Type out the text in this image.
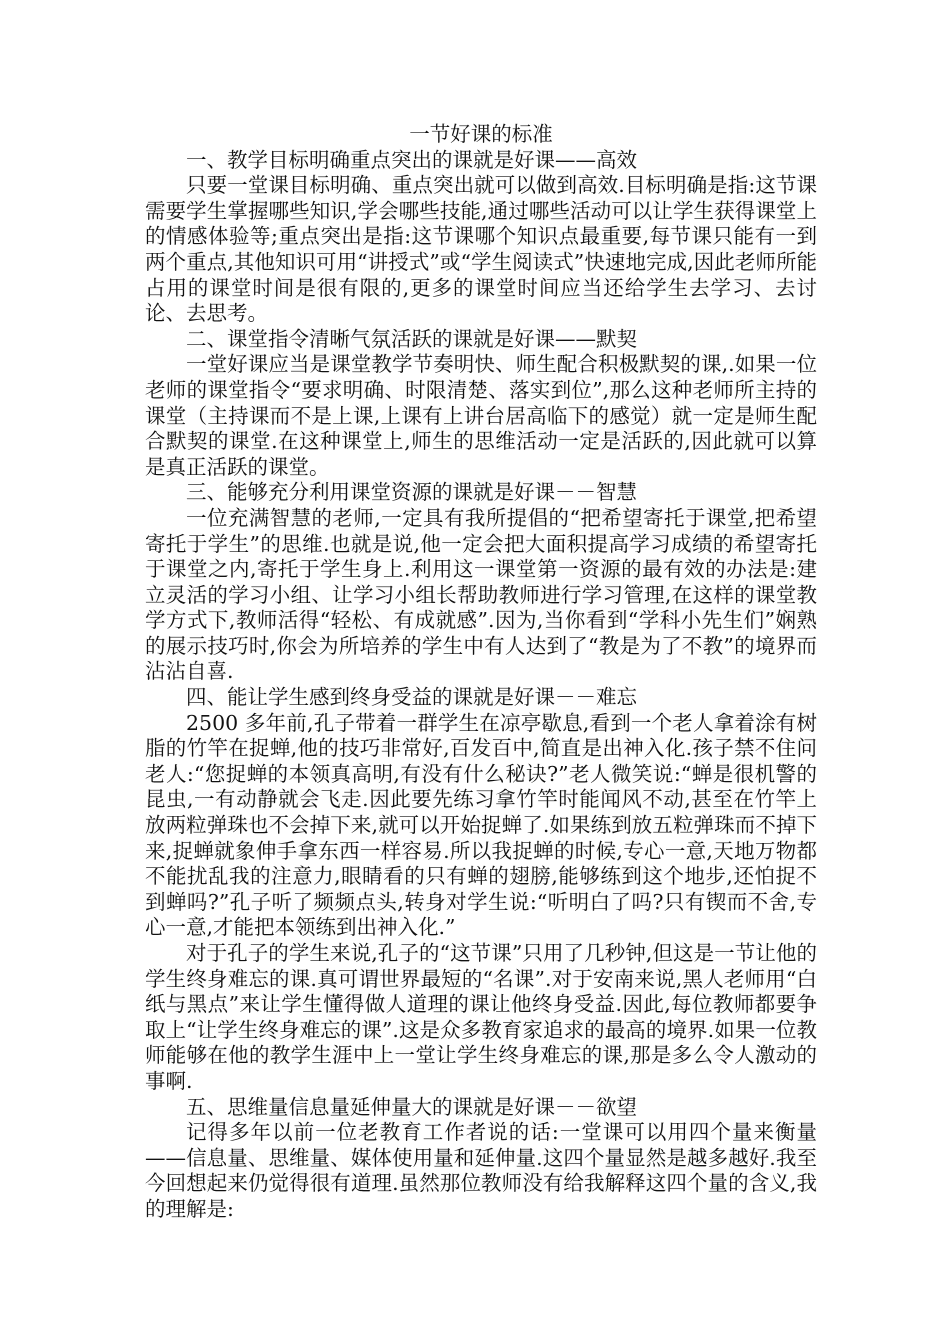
一节好课的标准

一、教学目标明确重点突出的课就是好课——高效

只要一堂课目标明确、重点突出就可以做到高效.目标明确是指:这节课需要学生掌握哪些知识,学会哪些技能,通过哪些活动可以让学生获得课堂上的情感体验等;重点突出是指:这节课哪个知识点最重要,每节课只能有一到两个重点,其他知识可用“讲授式”或“学生阅读式”快速地完成,因此老师所能占用的课堂时间是很有限的,更多的课堂时间应当还给学生去学习、去讨论、去思考。

二、课堂指令清晰气氛活跃的课就是好课——默契

一堂好课应当是课堂教学节奏明快、师生配合积极默契的课,.如果一位老师的课堂指令“要求明确、时限清楚、落实到位”,那么这种老师所主持的课堂（主持课而不是上课,上课有上讲台居高临下的感觉）就一定是师生配合默契的课堂.在这种课堂上,师生的思维活动一定是活跃的,因此就可以算是真正活跃的课堂。

三、能够充分利用课堂资源的课就是好课－－智慧

一位充满智慧的老师,一定具有我所提倡的“把希望寄托于课堂,把希望寄托于学生”的思维.也就是说,他一定会把大面积提高学习成绩的希望寄托于课堂之内,寄托于学生身上.利用这一课堂第一资源的最有效的办法是:建立灵活的学习小组、让学习小组长帮助教师进行学习管理,在这样的课堂教学方式下,教师活得“轻松、有成就感”.因为,当你看到“学科小先生们”娴熟的展示技巧时,你会为所培养的学生中有人达到了“教是为了不教”的境界而沾沾自喜.

四、能让学生感到终身受益的课就是好课－－难忘

2500 多年前,孔子带着一群学生在凉亭歇息,看到一个老人拿着涂有树脂的竹竿在捉蝉,他的技巧非常好,百发百中,简直是出神入化.孩子禁不住问老人:“您捉蝉的本领真高明,有没有什么秘诀?”老人微笑说:“蝉是很机警的昆虫,一有动静就会飞走.因此要先练习拿竹竿时能闻风不动,甚至在竹竿上放两粒弹珠也不会掉下来,就可以开始捉蝉了.如果练到放五粒弹珠而不掉下来,捉蝉就象伸手拿东西一样容易.所以我捉蝉的时候,专心一意,天地万物都不能扰乱我的注意力,眼睛看的只有蝉的翅膀,能够练到这个地步,还怕捉不到蝉吗?”孔子听了频频点头,转身对学生说:“听明白了吗?只有锲而不舍,专心一意,才能把本领练到出神入化.”

对于孔子的学生来说,孔子的“这节课”只用了几秒钟,但这是一节让他的学生终身难忘的课.真可谓世界最短的“名课”.对于安南来说,黑人老师用“白纸与黑点”来让学生懂得做人道理的课让他终身受益.因此,每位教师都要争取上“让学生终身难忘的课”.这是众多教育家追求的最高的境界.如果一位教师能够在他的教学生涯中上一堂让学生终身难忘的课,那是多么令人激动的事啊.

五、思维量信息量延伸量大的课就是好课－－欲望

记得多年以前一位老教育工作者说的话:一堂课可以用四个量来衡量——信息量、思维量、媒体使用量和延伸量.这四个量显然是越多越好.我至今回想起来仍觉得很有道理.虽然那位教师没有给我解释这四个量的含义,我的理解是:
